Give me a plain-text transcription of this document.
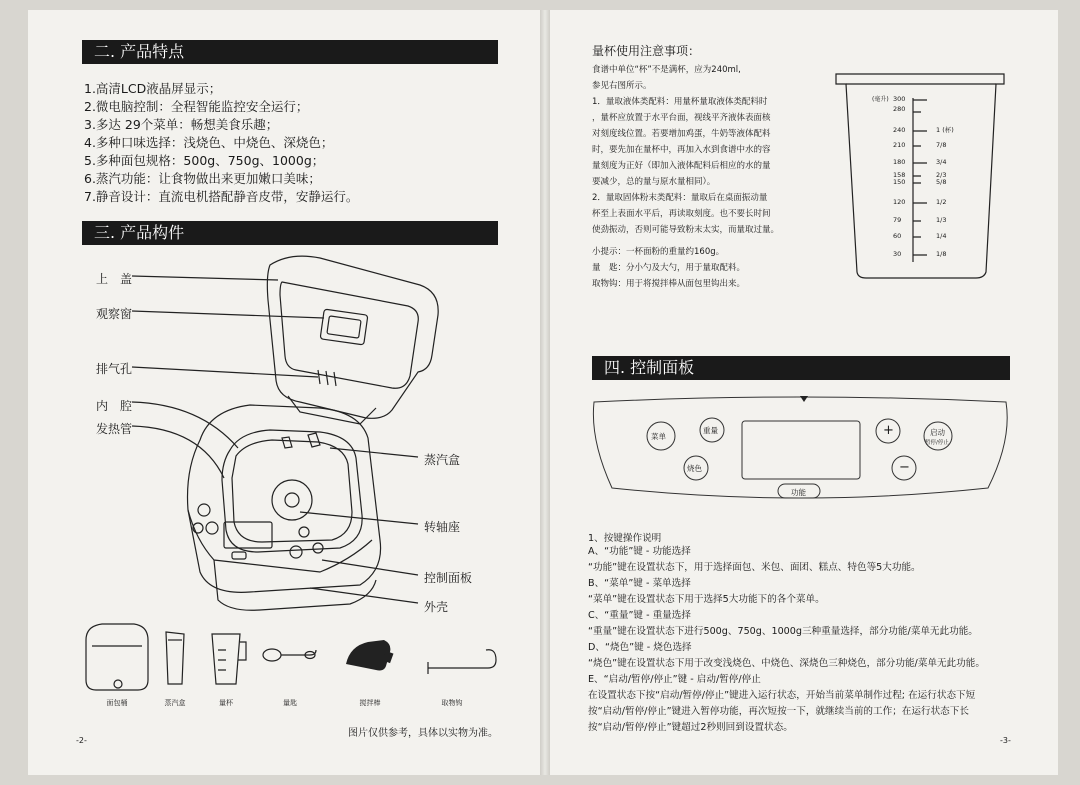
二. 产品特点
1.高清LCD液晶屏显示；
2.微电脑控制：全程智能监控安全运行；
3.多达 29个菜单：畅想美食乐趣；
4.多种口味选择：浅烧色、中烧色、深烧色；
5.多种面包规格：500g、750g、1000g；
6.蒸汽功能：让食物做出来更加嫩口美味；
7.静音设计：直流电机搭配静音皮带，安静运行。
三. 产品构件
上　盖
观察窗
排气孔
内　腔
发热管
蒸汽盒
转轴座
控制面板
外壳
面包桶	蒸汽盒	量杯	量匙	搅拌棒	取物钩
图片仅供参考，具体以实物为准。
-2-
量杯使用注意事项：
食谱中单位“杯”不是满杯，应为240ml,
参见右图所示。
1．量取液体类配料：用量杯量取液体类配料时
，量杯应放置于水平台面，视线平齐液体表面核
对刻度线位置。若要增加鸡蛋，牛奶等液体配料
时，要先加在量杯中，再加入水到食谱中水的容
量刻度为正好（即加入液体配料后相应的水的量
要减少，总的量与原水量相同）。
2．量取固体粉末类配料：量取后在桌面振动量
杯至上表面水平后，再读取刻度。也不要长时间
使劲振动，否则可能导致粉末太实，而量取过量。
小提示：一杯面粉的重量约160g。
量　匙：分小勺及大勺，用于量取配料。
取物钩：用于将搅拌棒从面包里钩出来。
(毫升) 300
280
240
210
180
158
150
120
79
60
30
1 (杯)
7/8
3/4
2/3
5/8
1/2
1/3
1/4
1/8
四. 控制面板
菜单
重量
烧色
+
−
启动
暂停/停止
功能
1、按键操作说明
A、“功能”键 - 功能选择
“功能”键在设置状态下，用于选择面包、米包、面团、糕点、特色等5大功能。
B、“菜单”键 - 菜单选择
“菜单”键在设置状态下用于选择5大功能下的各个菜单。
C、“重量”键 - 重量选择
“重量”键在设置状态下进行500g、750g、1000g三种重量选择，部分功能/菜单无此功能。
D、“烧色”键 - 烧色选择
“烧色”键在设置状态下用于改变浅烧色、中烧色、深烧色三种烧色，部分功能/菜单无此功能。
E、“启动/暂停/停止”键 - 启动/暂停/停止
在设置状态下按“启动/暂停/停止”键进入运行状态，开始当前菜单制作过程; 在运行状态下短
按“启动/暂停/停止”键进入暂停功能，再次短按一下，就继续当前的工作；在运行状态下长
按“启动/暂停/停止”键超过2秒则回到设置状态。
-3-
